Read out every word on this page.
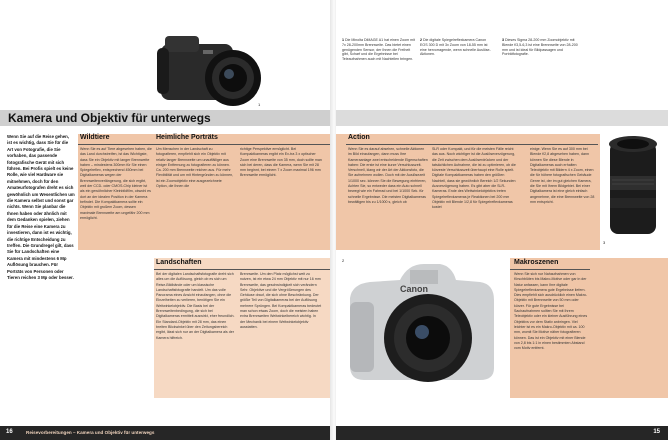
1
Kamera und Objektiv für unterwegs
Wenn Sie auf die Reise gehen, ist es wichtig, dass Sie für die Art von Fotografie, die Sie vorhaben, das passende fotografische Gerät mit sich führen. Bei Profis spielt es keine Rolle, wie viel Hardware sie mitnehmen, doch für den Amateurfotografen dreht es sich gewöhnlich um Wesentlichen um die Kamera selbst und sonst gar nichts. Wenn Sie planbar die Ihnen haben oder ähnlich mit dem Gedanken spielen, ziehen für die Reise eine Kamera zu investieren, dann ist es wichtig, die richtige Entscheidung zu treffen. Die Grundregel gilt, dass Sie für Landschaften eine Kamera mit mindestens 6 Mp Auflösung brauchen. Für Porträts von Personen oder Tieren reichen 3 Mp oder besser.
Wildtiere
Wenn Sie es auf Tiere abgesehen haben, die das Land durchstreifen, ist das Wichtigste, dass Sie ein Objektiv mit langer Brennweite haben – mindestens 300mm für Sie einen Spiegelreflex, entsprechend 450mm bei Digitalkameras wegen der Brennweitenverlängerung, die sich ergibt, weil der CCD- oder CMOS-Chip kleiner ist als ein gewöhnlicher Kleinbildfilm, obwohl es dort an der idealen Position in der Kamera befindet. Die Kompaktkamera sollte ein Objektiv mit großem Zoom, dessen maximale Brennweite am ungefähr 200 mm ermöglicht.
Heimliche Porträts
Um Menschen in der Landschaft zu fotografieren, empfiehlt sich ein Objektiv mit relativ langer Brennweite um unauffälliger aus einiger Entfernung zu fotografieren zu können. Ca. 200 mm Brennweite reichen aus. Für mehr Flexibilität und um mit Hintergründen zu können, ist ein Zoomobjektiv eine ausgezeichnete Option, die Ihnen die
richtige Perspektive ermöglicht. Bei Kompaktkameras ergibt ein Ex-tra 3 x optischer Zoom eine Brennweite von 35 mm, doch sollte man sich bei deren, dass die Kamera, wenn Sie mit 28 mm beginnt, bei einem 7 x Zoom maximal 196 mm Brennweite ermöglicht.
Landschaften
Bei der digitalen Landschaftsfotografie dreht sich alles um die Auflösung, gleich ob es sich um Reise-Bildbände oder um klassische Landschaftsfotografie handelt. Um das volle Panorama eines Ansicht einzufangen, ohne die Einzelheiten zu verlieren, benötigen Sie ein Weitwinkelobjektiv. Die Basis bei der Brennweitenbedingung, die sich bei Digitalkameras ermittelt auswirkt, eher freundlich. Ein Standard-Objektiv mit 28 mm, das einen breiten Blickwinkel über den Zeitungsbereich ergibt, lässt sich nur an der Digitalkamera als der Kamera hilfreich.
Brennweite. Um den Platz möglichst weit zu nutzen, ist ein etwa 24 mm Objektiv mit nur 16 mm Brennweite, das geschwindigkeit sich verändern Sehr. Objektive und die Vergrößerungen des Gehäuse drauf, die sich ohne Beschränkung. Der größte Teil von Digitalkameras bei der Auflösung mehrere Sprüngen. Bei Kompaktkameras bedeutet man schon etwas Zoom, doch die meisten haben extra Brennweiten Weitwinkelbereich wichtig. In der Mechanik bei einem Weitwinkelobjektiv ausstatten.
16	Reisevorbereitungen – Kamera und Objektiv für unterwegs
1 Die Minolta DiMAGE A1 hat einen Zoom mit 7x 28-200mm Brennweite. Das bietet einen genügenden Sensor, der Ihnen die Freiheit gibt, Scharf und die Ergebnisse bei Teleaufnahmen auch mit Nachteilen bringen.
2 Die digitale Spiegelreflexkamera Canon EOS 300 D mit 3x Zoom von 18-55 mm ist eine hervorragende, wenn schnelle Auslöse-Aktionen.
3 Dieses Sigma 28-200 mm Zoomobjektiv mit Blende f/3,5-6,3 ist eine Brennweite von 28-200 mm und ist ideal für Bildpassagen und Porträtfotografie.
Action
Wenn Sie es darauf absehen, schnelle Aktionen im Bild einzufangen, dann muss Ihre Kameraanlage zwei entscheidende Eigenschaften haben: Die erste ist eine kurze Verschlusszeit. Verschnell, klang wir der Art der Aktionsfoto, die Sie aufnehmen wollen. Doch mit der Auslösezeit 1/1000 sec. können Sie die Bewegung einfrieren, Achten Sie, so entweder dass ein Auto schnell bewegt wie ein Fahrrad und bei 1/1000 Sek. für schnelle Ergebnisse. Die meisten Digitalkameras bewältigen bis zu 1/1000 s, gleich ob
SLR oder Kompakt, und für die meisten Fälle reicht das aus. Noch wichtiger ist die Auslöseverzögerung, die Zeit zwischen dem Auslöserdrücken und der tatsächlichen Aufnahme, die ist zu optimieren, ob die kürzeste Verschlusszeit überhaupt eine Rolle spielt. Digitale Kompaktkameras haben den größten Nachteil, dass sie gewöhnlich Bereich 1/2 Sekunden Ausverzögerung haben. Es gibt aber die SLR-Kameras. Ende des Weitwinkelobjektivs treten Spiegelreflexkameras je Reaktionen bei 200 mm Objektiv mit Blende 1/2,8 für Spiegelreflexkameras kostet
3
einige. Wenn Sie es auf 300 mm bei Blende f/2,8 abgesehen haben, dann können Sie diese Blende in Digitalkameras auch erhalten Teleobjektiv mit Bildern 4 x Zoom, einen die für höhere fotografischen Gebäude Genre ist, der im gut gleichen Kamera, die Sie mit Ihrem Bildgebiet. Bei einer Digitalkamera ist eine gleich einfach angenehme, die eine Brennweite von 28 mm entspricht.
Canon
2	Makroszenen
Wenn Sie sich nur Nahaufnahmen von Kirschblüten bis Makro-Motive oder gar in der Natur anfassen, kann Ihre digitale Spiegelreflexkamera gute Ergebnisse liefern. Dies empfiehlt sich ausdrücklich einen Makro-Objektiv mit Brennweite von 50 mm oder kürzer. Für gute Ergebnisse bei Sachaufnahmen sollten Sie mit Ihrem Teleobjektiv oder ein kleiner Ausführung eines Objektivs vor dem Stativ anbringen. Viel leichter ist es ein Makro-Objektiv mit ca. 100 mm, womit Sie Motive näher fotografieren können. Das ist ein Objektiv mit einer Blende von 2,8 bis 1:1 in einen bestimmten Abstand vom Motiv entfernt.
15
